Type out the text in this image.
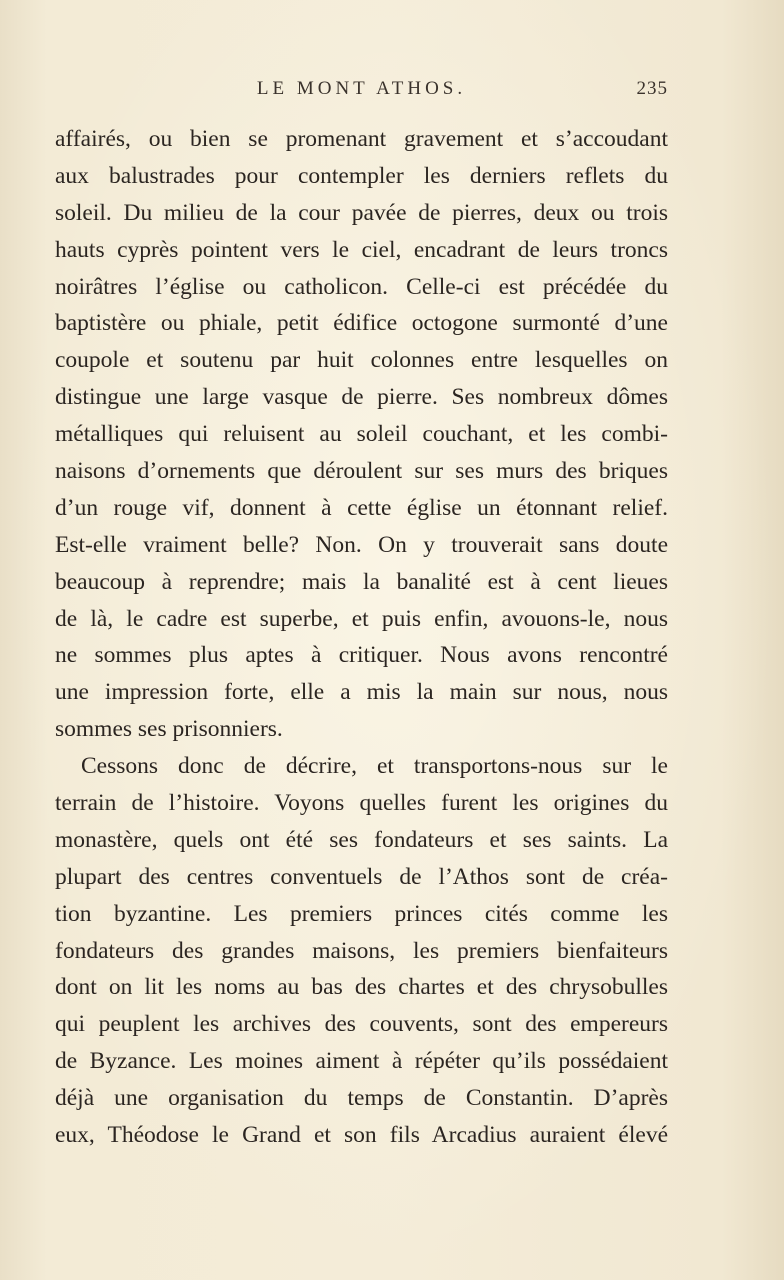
LE MONT ATHOS.	235
affairés, ou bien se promenant gravement et s’accoudant
aux balustrades pour contempler les derniers reflets du
soleil. Du milieu de la cour pavée de pierres, deux ou trois
hauts cyprès pointent vers le ciel, encadrant de leurs troncs
noirâtres l’église ou catholicon. Celle-ci est précédée du
baptistère ou phiale, petit édifice octogone surmonté d’une
coupole et soutenu par huit colonnes entre lesquelles on
distingue une large vasque de pierre. Ses nombreux dômes
métalliques qui reluisent au soleil couchant, et les combi-
naisons d’ornements que déroulent sur ses murs des briques
d’un rouge vif, donnent à cette église un étonnant relief.
Est-elle vraiment belle? Non. On y trouverait sans doute
beaucoup à reprendre; mais la banalité est à cent lieues
de là, le cadre est superbe, et puis enfin, avouons-le, nous
ne sommes plus aptes à critiquer. Nous avons rencontré
une impression forte, elle a mis la main sur nous, nous
sommes ses prisonniers.
Cessons donc de décrire, et transportons-nous sur le
terrain de l’histoire. Voyons quelles furent les origines du
monastère, quels ont été ses fondateurs et ses saints. La
plupart des centres conventuels de l’Athos sont de créa-
tion byzantine. Les premiers princes cités comme les
fondateurs des grandes maisons, les premiers bienfaiteurs
dont on lit les noms au bas des chartes et des chrysobulles
qui peuplent les archives des couvents, sont des empereurs
de Byzance. Les moines aiment à répéter qu’ils possédaient
déjà une organisation du temps de Constantin. D’après
eux, Théodose le Grand et son fils Arcadius auraient élevé
